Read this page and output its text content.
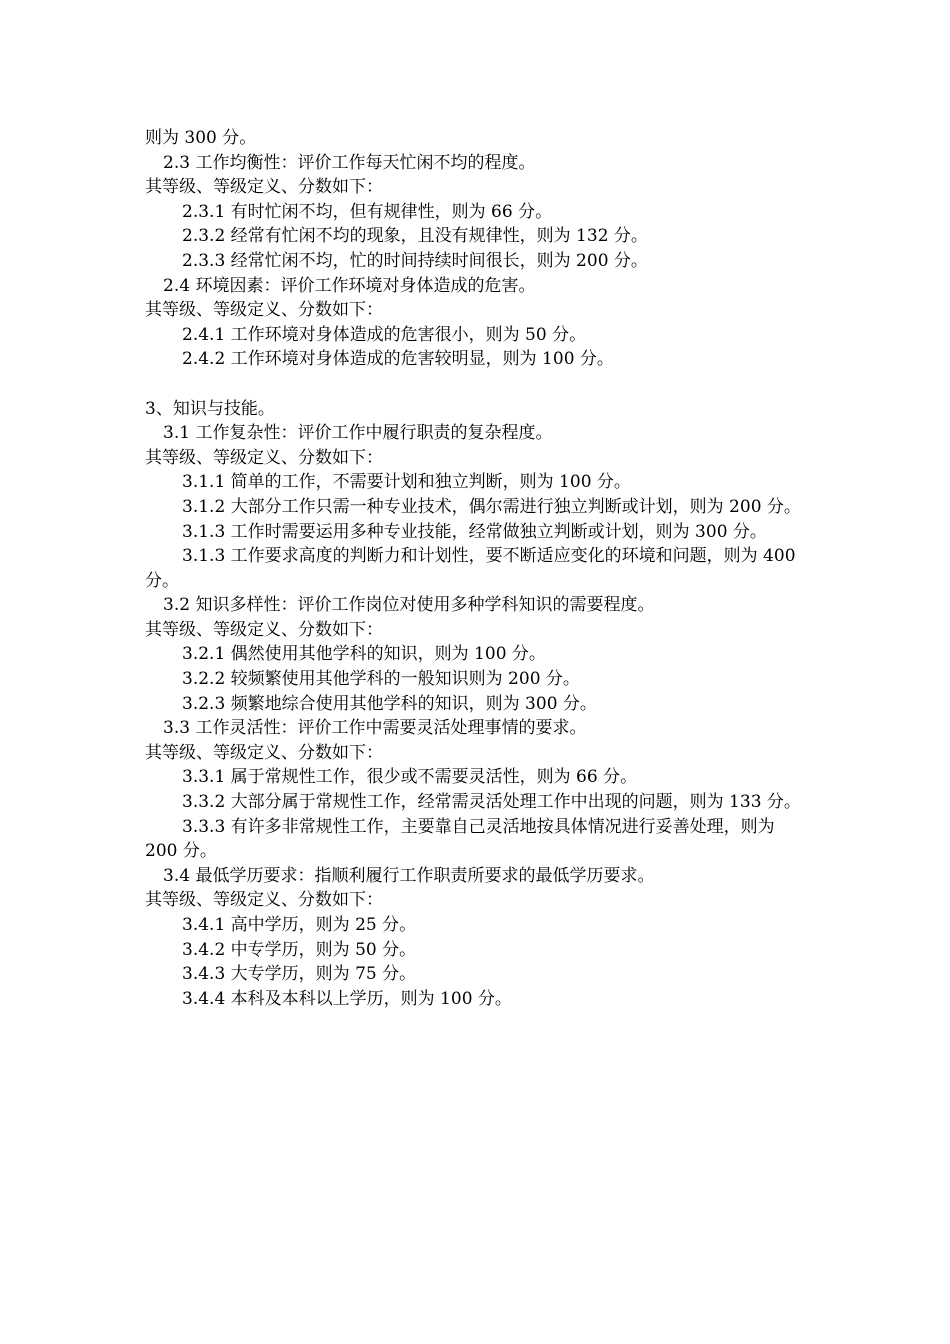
则为 300 分。
2.3 工作均衡性：评价工作每天忙闲不均的程度。
其等级、等级定义、分数如下：
2.3.1 有时忙闲不均，但有规律性，则为 66 分。
2.3.2 经常有忙闲不均的现象，且没有规律性，则为 132 分。
2.3.3 经常忙闲不均，忙的时间持续时间很长，则为 200 分。
2.4 环境因素：评价工作环境对身体造成的危害。
其等级、等级定义、分数如下：
2.4.1 工作环境对身体造成的危害很小，则为 50 分。
2.4.2 工作环境对身体造成的危害较明显，则为 100 分。
3、知识与技能。
3.1 工作复杂性：评价工作中履行职责的复杂程度。
其等级、等级定义、分数如下：
3.1.1 简单的工作，不需要计划和独立判断，则为 100 分。
3.1.2 大部分工作只需一种专业技术，偶尔需进行独立判断或计划，则为 200 分。
3.1.3 工作时需要运用多种专业技能，经常做独立判断或计划，则为 300 分。
3.1.3 工作要求高度的判断力和计划性，要不断适应变化的环境和问题，则为 400 分。
3.2 知识多样性：评价工作岗位对使用多种学科知识的需要程度。
其等级、等级定义、分数如下：
3.2.1 偶然使用其他学科的知识，则为 100 分。
3.2.2 较频繁使用其他学科的一般知识则为 200 分。
3.2.3 频繁地综合使用其他学科的知识，则为 300 分。
3.3 工作灵活性：评价工作中需要灵活处理事情的要求。
其等级、等级定义、分数如下：
3.3.1 属于常规性工作，很少或不需要灵活性，则为 66 分。
3.3.2 大部分属于常规性工作，经常需灵活处理工作中出现的问题，则为 133 分。
3.3.3 有许多非常规性工作，主要靠自己灵活地按具体情况进行妥善处理，则为 200 分。
3.4 最低学历要求：指顺利履行工作职责所要求的最低学历要求。
其等级、等级定义、分数如下：
3.4.1 高中学历，则为 25 分。
3.4.2 中专学历，则为 50 分。
3.4.3 大专学历，则为 75 分。
3.4.4 本科及本科以上学历，则为 100 分。
